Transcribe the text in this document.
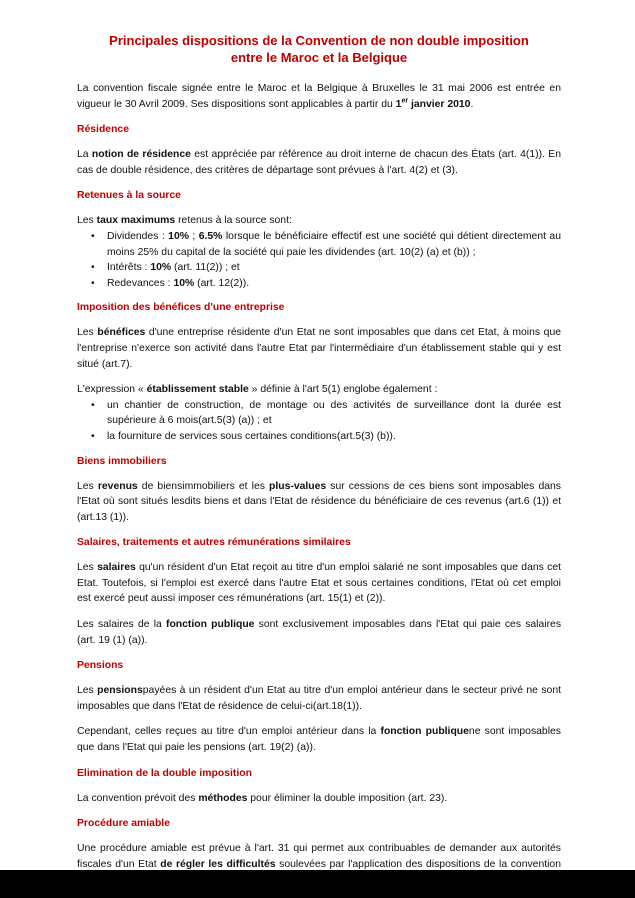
Principales dispositions de la Convention de non double imposition
entre le Maroc et la Belgique

La convention fiscale signée entre le Maroc et la Belgique à Bruxelles le 31 mai 2006 est entrée en vigueur le 30 Avril 2009. Ses dispositions sont applicables à partir du 1er janvier 2010.

Résidence

La notion de résidence est appréciée par référence au droit interne de chacun des États (art. 4(1)). En cas de double résidence, des critères de départage sont prévues à l'art. 4(2) et (3).

Retenues à la source

Les taux maximums retenus à la source sont:

• Dividendes : 10% ; 6.5% lorsque le bénéficiaire effectif est une société qui détient directement au moins 25% du capital de la société qui paie les dividendes (art. 10(2) (a) et (b)) ;
• Intérêts : 10% (art. 11(2)) ; et
• Redevances : 10% (art. 12(2)).
Imposition des bénéfices d'une entreprise

Les bénéfices d'une entreprise résidente d'un Etat ne sont imposables que dans cet Etat, à moins que l'entreprise n'exerce son activité dans l'autre Etat par l'intermédiaire d'un établissement stable qui y est situé (art.7).

L'expression « établissement stable » définie à l'art 5(1) englobe également :

• un chantier de construction, de montage ou des activités de surveillance dont la durée est supérieure à 6 mois(art.5(3) (a)) ; et
• la fourniture de services sous certaines conditions(art.5(3) (b)).
Biens immobiliers

Les revenus de biensimmobiliers et les plus-values sur cessions de ces biens sont imposables dans l'Etat où sont situés lesdits biens et dans l'Etat de résidence du bénéficiaire de ces revenus (art.6 (1)) et (art.13 (1)).

Salaires, traitements et autres rémunérations similaires

Les salaires qu'un résident d'un Etat reçoit au titre d'un emploi salarié ne sont imposables que dans cet Etat. Toutefois, si l'emploi est exercé dans l'autre Etat et sous certaines conditions, l'Etat où cet emploi est exercé peut aussi imposer ces rémunérations (art. 15(1) et (2)).

Les salaires de la fonction publique sont exclusivement imposables dans l'Etat qui paie ces salaires (art. 19 (1) (a)).

Pensions

Les pensionspayées à un résident d'un Etat au titre d'un emploi antérieur dans le secteur privé ne sont imposables que dans l'Etat de résidence de celui-ci(art.18(1)).

Cependant, celles reçues au titre d'un emploi antérieur dans la fonction publiquene sont imposables que dans l'Etat qui paie les pensions (art. 19(2) (a)).

Elimination de la double imposition

La convention prévoit des méthodes pour éliminer la double imposition (art. 23).

Procédure amiable

Une procédure amiable est prévue à l'art. 31 qui permet aux contribuables de demander aux autorités fiscales d'un Etat de régler les difficultés soulevées par l'application des dispositions de la convention
